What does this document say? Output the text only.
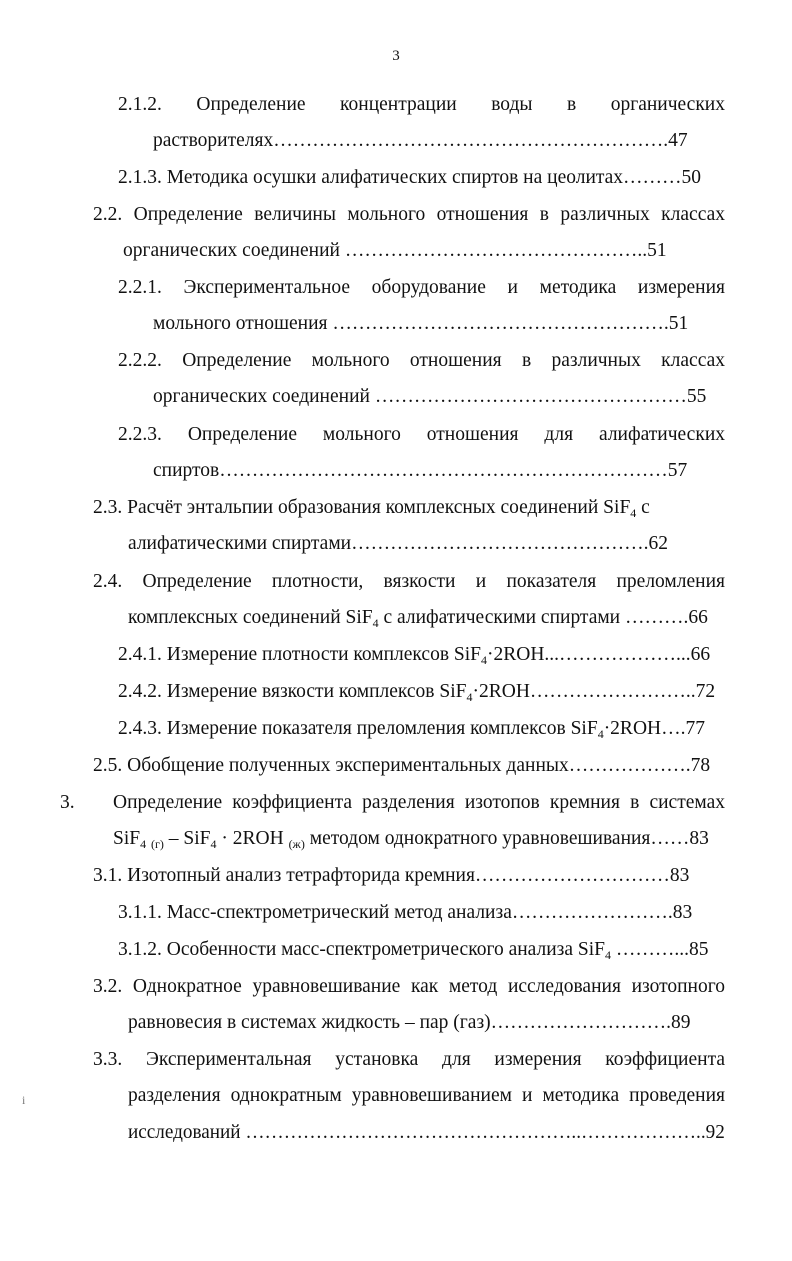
3
2.1.2. Определение концентрации воды в органических
растворителях…………………………………………………….47
2.1.3. Методика осушки алифатических спиртов на цеолитах………50
2.2. Определение величины мольного отношения в различных классах
органических соединений ………………………………………..51
2.2.1. Экспериментальное оборудование и методика измерения
мольного отношения …………………………………………….51
2.2.2. Определение мольного отношения в различных классах
органических соединений …………………………………………55
2.2.3. Определение мольного отношения для алифатических
спиртов……………………………………………………………57
2.3. Расчёт энтальпии образования комплексных соединений SiF$_4$ с
алифатическими спиртами……………………………………….62
2.4. Определение плотности, вязкости и показателя преломления
комплексных соединений SiF$_4$ с алифатическими спиртами ……….66
2.4.1. Измерение плотности комплексов SiF$_4$·2ROH...………………...66
2.4.2. Измерение вязкости комплексов SiF$_4$·2ROH……………………..72
2.4.3. Измерение показателя преломления комплексов SiF$_4$·2ROH….77
2.5. Обобщение полученных экспериментальных данных……………….78
3. Определение коэффициента разделения изотопов кремния в системах
SiF$_4$ $_{(г)}$ – SiF$_4$ · 2ROH $_{(ж)}$ методом однократного уравновешивания……83
3.1. Изотопный анализ тетрафторида кремния…………………………83
3.1.1. Масс-спектрометрический метод анализа…………………….83
3.1.2. Особенности масс-спектрометрического анализа SiF$_4$ ………...85
3.2. Однократное уравновешивание как метод исследования изотопного
равновесия в системах жидкость – пар (газ)……………………….89
3.3. Экспериментальная установка для измерения коэффициента
разделения однократным уравновешиванием и методика проведения
исследований ……………………………………………..………………..92
i
